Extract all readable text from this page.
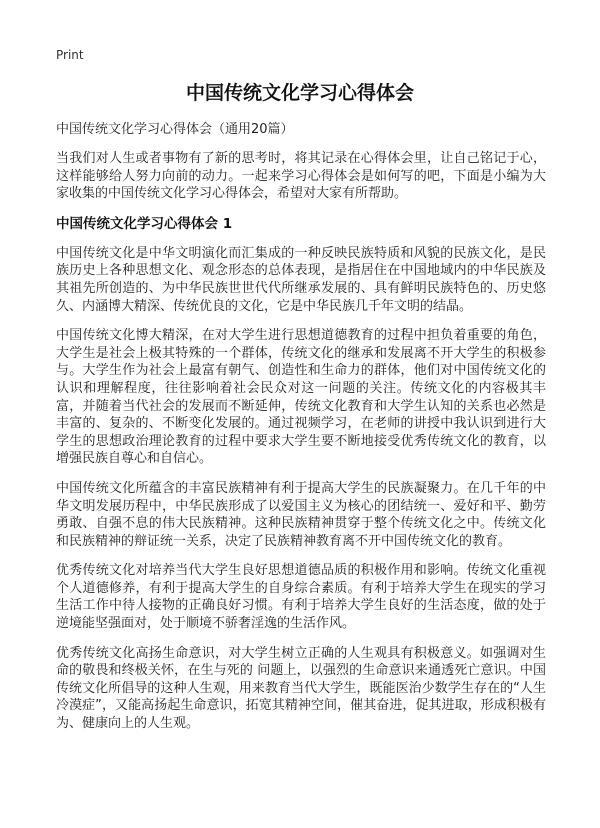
Print
中国传统文化学习心得体会

中国传统文化学习心得体会（通用20篇）

当我们对人生或者事物有了新的思考时，将其记录在心得体会里，让自己铭记于心，这样能够给人努力向前的动力。一起来学习心得体会是如何写的吧，下面是小编为大家收集的中国传统文化学习心得体会，希望对大家有所帮助。

中国传统文化学习心得体会 1

中国传统文化是中华文明演化而汇集成的一种反映民族特质和风貌的民族文化，是民族历史上各种思想文化、观念形态的总体表现，是指居住在中国地域内的中华民族及其祖先所创造的、为中华民族世世代代所继承发展的、具有鲜明民族特色的、历史悠久、内涵博大精深、传统优良的文化，它是中华民族几千年文明的结晶。

中国传统文化博大精深，在对大学生进行思想道德教育的过程中担负着重要的角色，大学生是社会上极其特殊的一个群体，传统文化的继承和发展离不开大学生的积极参与。大学生作为社会上最富有朝气、创造性和生命力的群体，他们对中国传统文化的认识和理解程度，往往影响着社会民众对这一问题的关注。传统文化的内容极其丰富，并随着当代社会的发展而不断延伸，传统文化教育和大学生认知的关系也必然是丰富的、复杂的、不断变化发展的。通过视频学习，在老师的讲授中我认识到进行大学生的思想政治理论教育的过程中要求大学生要不断地接受优秀传统文化的教育，以增强民族自尊心和自信心。

中国传统文化所蕴含的丰富民族精神有利于提高大学生的民族凝聚力。在几千年的中华文明发展历程中，中华民族形成了以爱国主义为核心的团结统一、爱好和平、勤劳勇敢、自强不息的伟大民族精神。这种民族精神贯穿于整个传统文化之中。传统文化和民族精神的辩证统一关系，决定了民族精神教育离不开中国传统文化的教育。

优秀传统文化对培养当代大学生良好思想道德品质的积极作用和影响。传统文化重视个人道德修养，有利于提高大学生的自身综合素质。有利于培养大学生在现实的学习生活工作中待人接物的正确良好习惯。有利于培养大学生良好的生活态度，做的处于逆境能坚强面对，处于顺境不骄奢淫逸的生活作风。

优秀传统文化高扬生命意识，对大学生树立正确的人生观具有积极意义。如强调对生命的敬畏和终极关怀，在生与死的 问题上，以强烈的生命意识来通透死亡意识。中国传统文化所倡导的这种人生观，用来教育当代大学生，既能医治少数学生存在的“人生冷漠症”，又能高扬起生命意识，拓宽其精神空间，催其奋进，促其进取，形成积极有为、健康向上的人生观。
